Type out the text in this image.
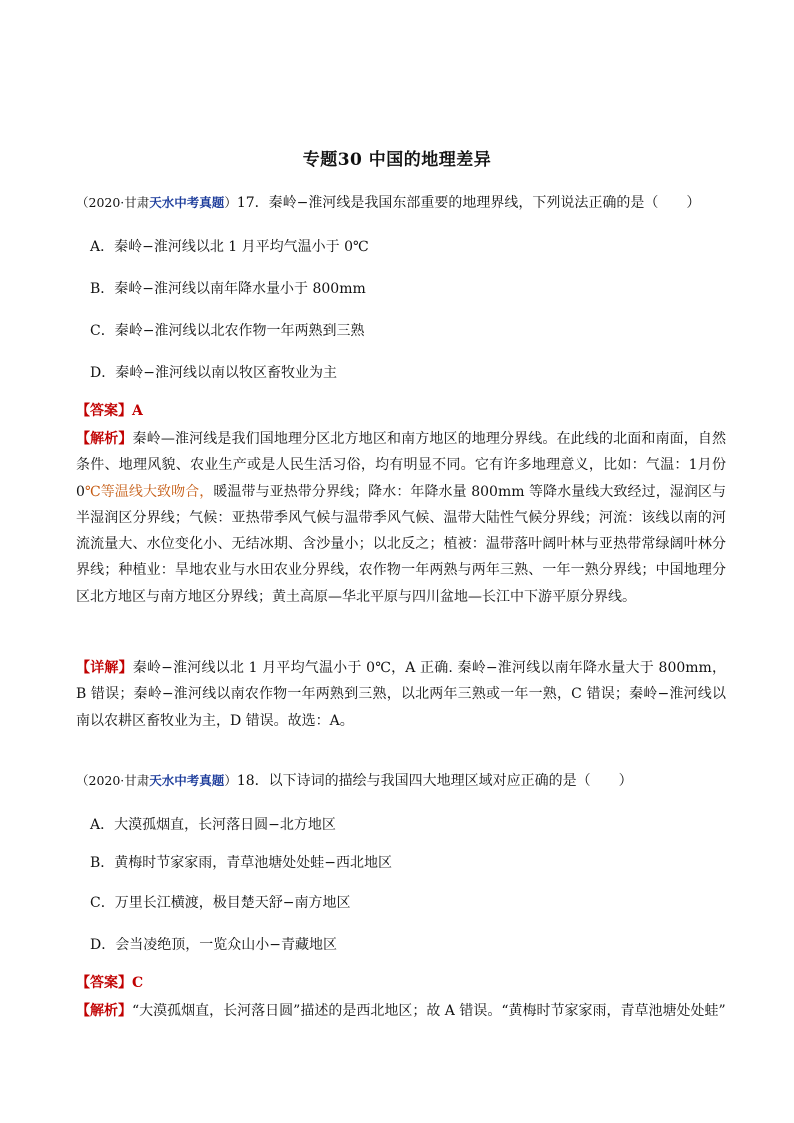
专题30 中国的地理差异
（2020·甘肃天水中考真题）17．秦岭−淮河线是我国东部重要的地理界线，下列说法正确的是（　　）
A．秦岭−淮河线以北 1 月平均气温小于 0℃
B．秦岭−淮河线以南年降水量小于 800mm
C．秦岭−淮河线以北农作物一年两熟到三熟
D．秦岭−淮河线以南以牧区畜牧业为主
【答案】A
【解析】秦岭—淮河线是我们国地理分区北方地区和南方地区的地理分界线。在此线的北面和南面，自然条件、地理风貌、农业生产或是人民生活习俗，均有明显不同。它有许多地理意义，比如：气温：1月份0℃等温线大致吻合，暖温带与亚热带分界线；降水：年降水量 800mm 等降水量线大致经过，湿润区与半湿润区分界线；气候：亚热带季风气候与温带季风气候、温带大陆性气候分界线；河流：该线以南的河流流量大、水位变化小、无结冰期、含沙量小；以北反之；植被：温带落叶阔叶林与亚热带常绿阔叶林分界线；种植业：旱地农业与水田农业分界线，农作物一年两熟与两年三熟、一年一熟分界线；中国地理分区北方地区与南方地区分界线；黄土高原—华北平原与四川盆地—长江中下游平原分界线。
【详解】秦岭−淮河线以北 1 月平均气温小于 0℃，A 正确. 秦岭−淮河线以南年降水量大于 800mm，B 错误；秦岭−淮河线以南农作物一年两熟到三熟，以北两年三熟或一年一熟，C 错误；秦岭−淮河线以南以农耕区畜牧业为主，D 错误。故选：A。
（2020·甘肃天水中考真题）18．以下诗词的描绘与我国四大地理区域对应正确的是（　　）
A．大漠孤烟直，长河落日圆−北方地区
B．黄梅时节家家雨，青草池塘处处蛙−西北地区
C．万里长江横渡，极目楚天舒−南方地区
D．会当凌绝顶，一览众山小−青藏地区
【答案】C
【解析】“大漠孤烟直，长河落日圆”描述的是西北地区；故 A 错误。“黄梅时节家家雨，青草池塘处处蛙”
